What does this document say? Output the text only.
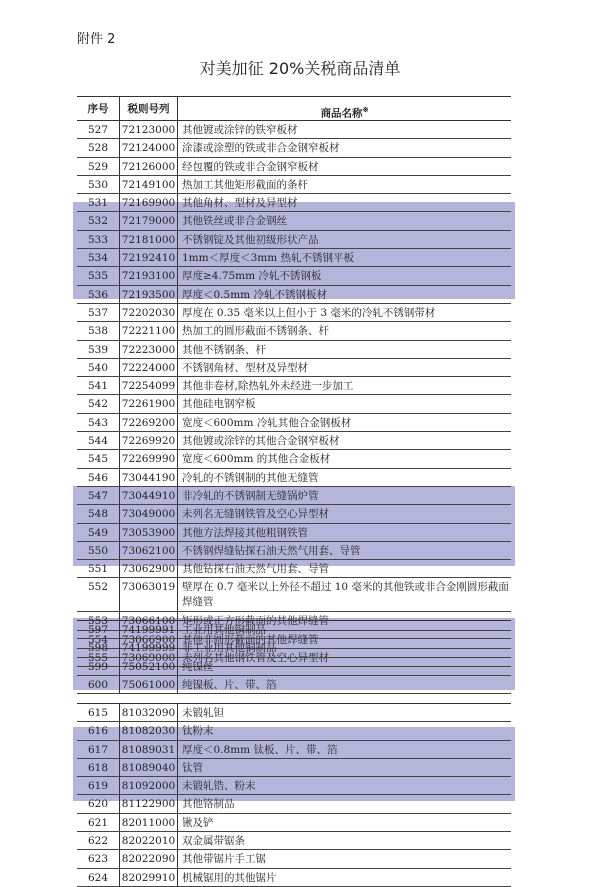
附件 2
对美加征 20%关税商品清单
序号	税则号列	商品名称※
527	72123000 其他镀或涂锌的铁窄板材
528	72124000 涂漆或涂塑的铁或非合金钢窄板材
529	72126000 经包覆的铁或非合金钢窄板材
530	72149100 热加工其他矩形截面的条杆
531	72169900 其他角材、型材及异型材
532	72179000 其他铁丝或非合金钢丝
533	72181000 不锈钢锭及其他初级形状产品
534	72192410 1mm＜厚度＜3mm 热轧不锈钢平板
535	72193100 厚度≥4.75mm 冷轧不锈钢板
536	72193500 厚度＜0.5mm 冷轧不锈钢板材
537	72202030 厚度在 0.35 毫米以上但小于 3 毫米的冷轧不锈钢带材
538	72221100 热加工的圆形截面不锈钢条、杆
539	72223000 其他不锈钢条、杆
540	72224000 不锈钢角材、型材及异型材
541	72254099 其他非卷材,除热轧外未经进一步加工
542	72261900 其他硅电钢窄板
543	72269200 宽度＜600mm 冷轧其他合金钢板材
544	72269920 其他镀或涂锌的其他合金钢窄板材
545	72269990 宽度＜600mm 的其他合金板材
546	73044190 冷轧的不锈钢制的其他无缝管
547	73044910 非冷轧的不锈钢制无缝锅炉管
548	73049000 未列名无缝钢铁管及空心异型材
549	73053900 其他方法焊接其他粗钢铁管
550	73062100 不锈钢焊缝钻探石油天然气用套、导管
551	73062900 其他钻探石油天然气用套、导管
552	73063019 壁厚在 0.7 毫米以上外径不超过 10 毫米的其他铁或非合金刚圆形截面焊缝管
553	73066100 矩形或正方形截面的其他焊缝管
554	73066900 其他非圆形截面的其他焊缝管
555	73069000 未列名其他钢铁管及空心异型材
597	74199991 工业用其他铜制品
598	74199999 非工业用其他铜制品
599	75052100 纯镍丝
600	75061000 纯镍板、片、带、箔
615	81032090 未锻轧钽
616	81082030 钛粉末
617	81089031 厚度＜0.8mm 钛板、片、带、箔
618	81089040 钛管
619	81092000 未锻轧锆、粉末
620	81122900 其他铬制品
621	82011000 锹及铲
622	82022010 双金属带锯条
623	82022090 其他带锯片手工锯
624	82029910 机械锯用的其他锯片
